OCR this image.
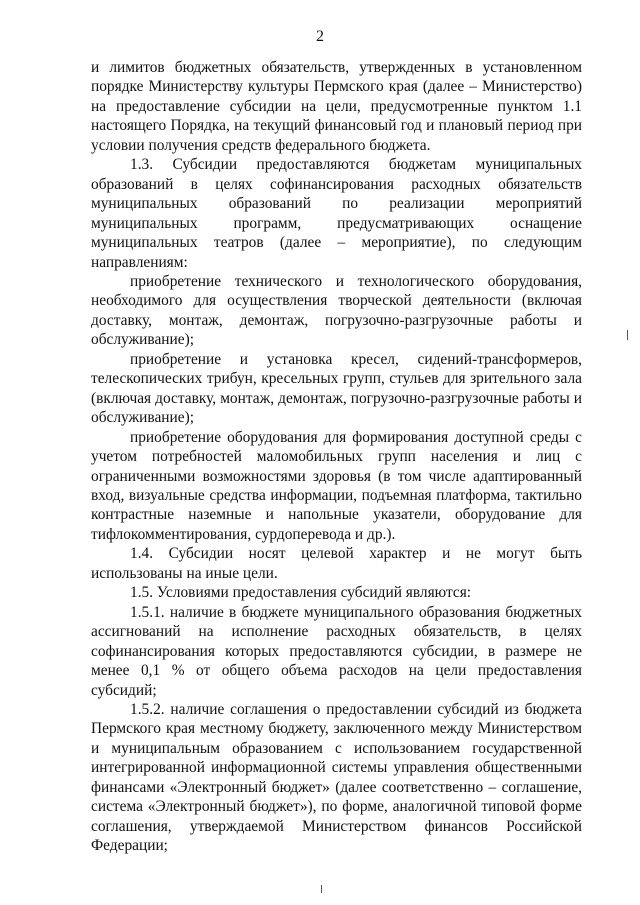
2

и лимитов бюджетных обязательств, утвержденных в установленном порядке Министерству культуры Пермского края (далее – Министерство) на предоставление субсидии на цели, предусмотренные пунктом 1.1 настоящего Порядка, на текущий финансовый год и плановый период при условии получения средств федерального бюджета.

1.3. Субсидии предоставляются бюджетам муниципальных образований в целях софинансирования расходных обязательств муниципальных образований по реализации мероприятий муниципальных программ, предусматривающих оснащение муниципальных театров (далее – мероприятие), по следующим направлениям:

приобретение технического и технологического оборудования, необходимого для осуществления творческой деятельности (включая доставку, монтаж, демонтаж, погрузочно-разгрузочные работы и обслуживание);

приобретение и установка кресел, сидений-трансформеров, телескопических трибун, кресельных групп, стульев для зрительного зала (включая доставку, монтаж, демонтаж, погрузочно-разгрузочные работы и обслуживание);

приобретение оборудования для формирования доступной среды с учетом потребностей маломобильных групп населения и лиц с ограниченными возможностями здоровья (в том числе адаптированный вход, визуальные средства информации, подъемная платформа, тактильно контрастные наземные и напольные указатели, оборудование для тифлокомментирования, сурдоперевода и др.).

1.4. Субсидии носят целевой характер и не могут быть использованы на иные цели.

1.5. Условиями предоставления субсидий являются:

1.5.1. наличие в бюджете муниципального образования бюджетных ассигнований на исполнение расходных обязательств, в целях софинансирования которых предоставляются субсидии, в размере не менее 0,1 % от общего объема расходов на цели предоставления субсидий;

1.5.2. наличие соглашения о предоставлении субсидий из бюджета Пермского края местному бюджету, заключенного между Министерством и муниципальным образованием с использованием государственной интегрированной информационной системы управления общественными финансами «Электронный бюджет» (далее соответственно – соглашение, система «Электронный бюджет»), по форме, аналогичной типовой форме соглашения, утверждаемой Министерством финансов Российской Федерации;
